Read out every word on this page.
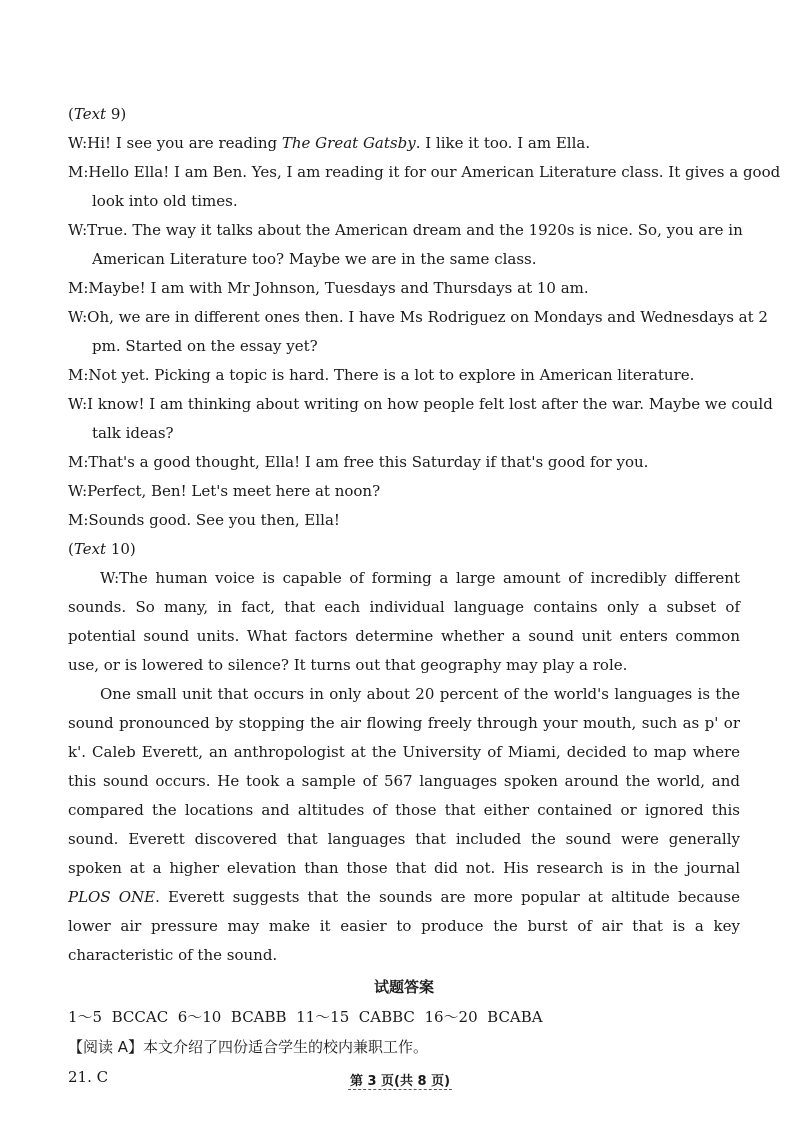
(Text 9)
W:Hi! I see you are reading The Great Gatsby. I like it too. I am Ella.
M:Hello Ella! I am Ben. Yes, I am reading it for our American Literature class. It gives a good
look into old times.
W:True. The way it talks about the American dream and the 1920s is nice. So, you are in
American Literature too? Maybe we are in the same class.
M:Maybe! I am with Mr Johnson, Tuesdays and Thursdays at 10 am.
W:Oh, we are in different ones then. I have Ms Rodriguez on Mondays and Wednesdays at 2
pm. Started on the essay yet?
M:Not yet. Picking a topic is hard. There is a lot to explore in American literature.
W:I know! I am thinking about writing on how people felt lost after the war. Maybe we could
talk ideas?
M:That's a good thought, Ella! I am free this Saturday if that's good for you.
W:Perfect, Ben! Let's meet here at noon?
M:Sounds good. See you then, Ella!
(Text 10)
W:The human voice is capable of forming a large amount of incredibly different sounds. So many, in fact, that each individual language contains only a subset of potential sound units. What factors determine whether a sound unit enters common use, or is lowered to silence? It turns out that geography may play a role.
One small unit that occurs in only about 20 percent of the world's languages is the sound pronounced by stopping the air flowing freely through your mouth, such as p' or k'. Caleb Everett, an anthropologist at the University of Miami, decided to map where this sound occurs. He took a sample of 567 languages spoken around the world, and compared the locations and altitudes of those that either contained or ignored this sound. Everett discovered that languages that included the sound were generally spoken at a higher elevation than those that did not. His research is in the journal PLOS ONE. Everett suggests that the sounds are more popular at altitude because lower air pressure may make it easier to produce the burst of air that is a key characteristic of the sound.
试题答案
1～5  BCCAC  6～10  BCABB  11～15  CABBC  16～20  BCABA
【阅读 A】本文介绍了四份适合学生的校内兼职工作。
21. C	第 3 页(共 8 页)
